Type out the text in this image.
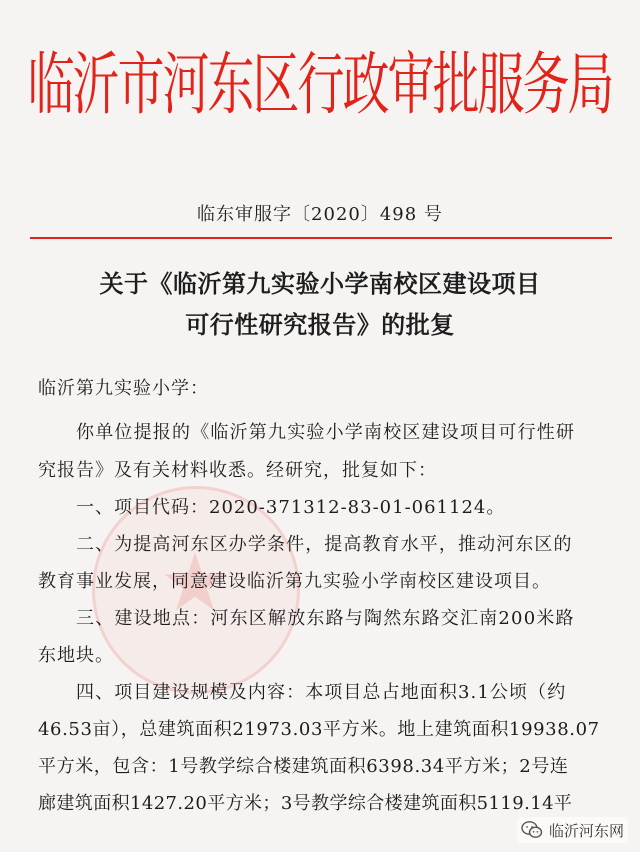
★
临沂市河东区行政审批服务局
临东审服字〔2020〕498 号
关于《临沂第九实验小学南校区建设项目
可行性研究报告》的批复
临沂第九实验小学：
你单位提报的《临沂第九实验小学南校区建设项目可行性研
究报告》及有关材料收悉。经研究，批复如下：
一、项目代码：2020-371312-83-01-061124。
二、为提高河东区办学条件，提高教育水平，推动河东区的
教育事业发展，同意建设临沂第九实验小学南校区建设项目。
三、建设地点：河东区解放东路与陶然东路交汇南200米路
东地块。
四、项目建设规模及内容：本项目总占地面积3.1公顷（约
46.53亩），总建筑面积21973.03平方米。地上建筑面积19938.07
平方米，包含：1号教学综合楼建筑面积6398.34平方米；2号连
廊建筑面积1427.20平方米；3号教学综合楼建筑面积5119.14平
临沂河东网
